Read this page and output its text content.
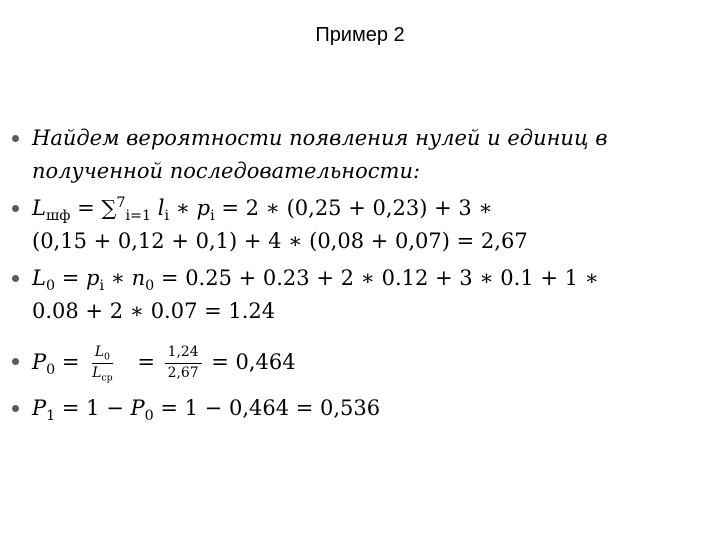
Пример 2
Найдем вероятности появления нулей и единиц в полученной последовательности:
$L_{шф} = \sum^7_{i=1}$ $l_i$ ∗ $p_i = 2$ ∗ (0,25 + 0,23) + 3 ∗
(0,15 + 0,12 + 0,1) + 4 ∗ (0,08 + 0,07) = 2,67
$L_0 = p_i$ ∗ $n_0 = 0.25 + 0.23 + 2$ ∗ 0.12 + 3 ∗ 0.1 + 1 ∗
0.08 + 2 ∗ 0.07 = 1.24
$P_0 = \frac{L_0}{L_{ср}} = \frac{1,24}{2,67} = 0,464$
$P_1 = 1 - P_0 = 1 - 0,464 = 0,536$
